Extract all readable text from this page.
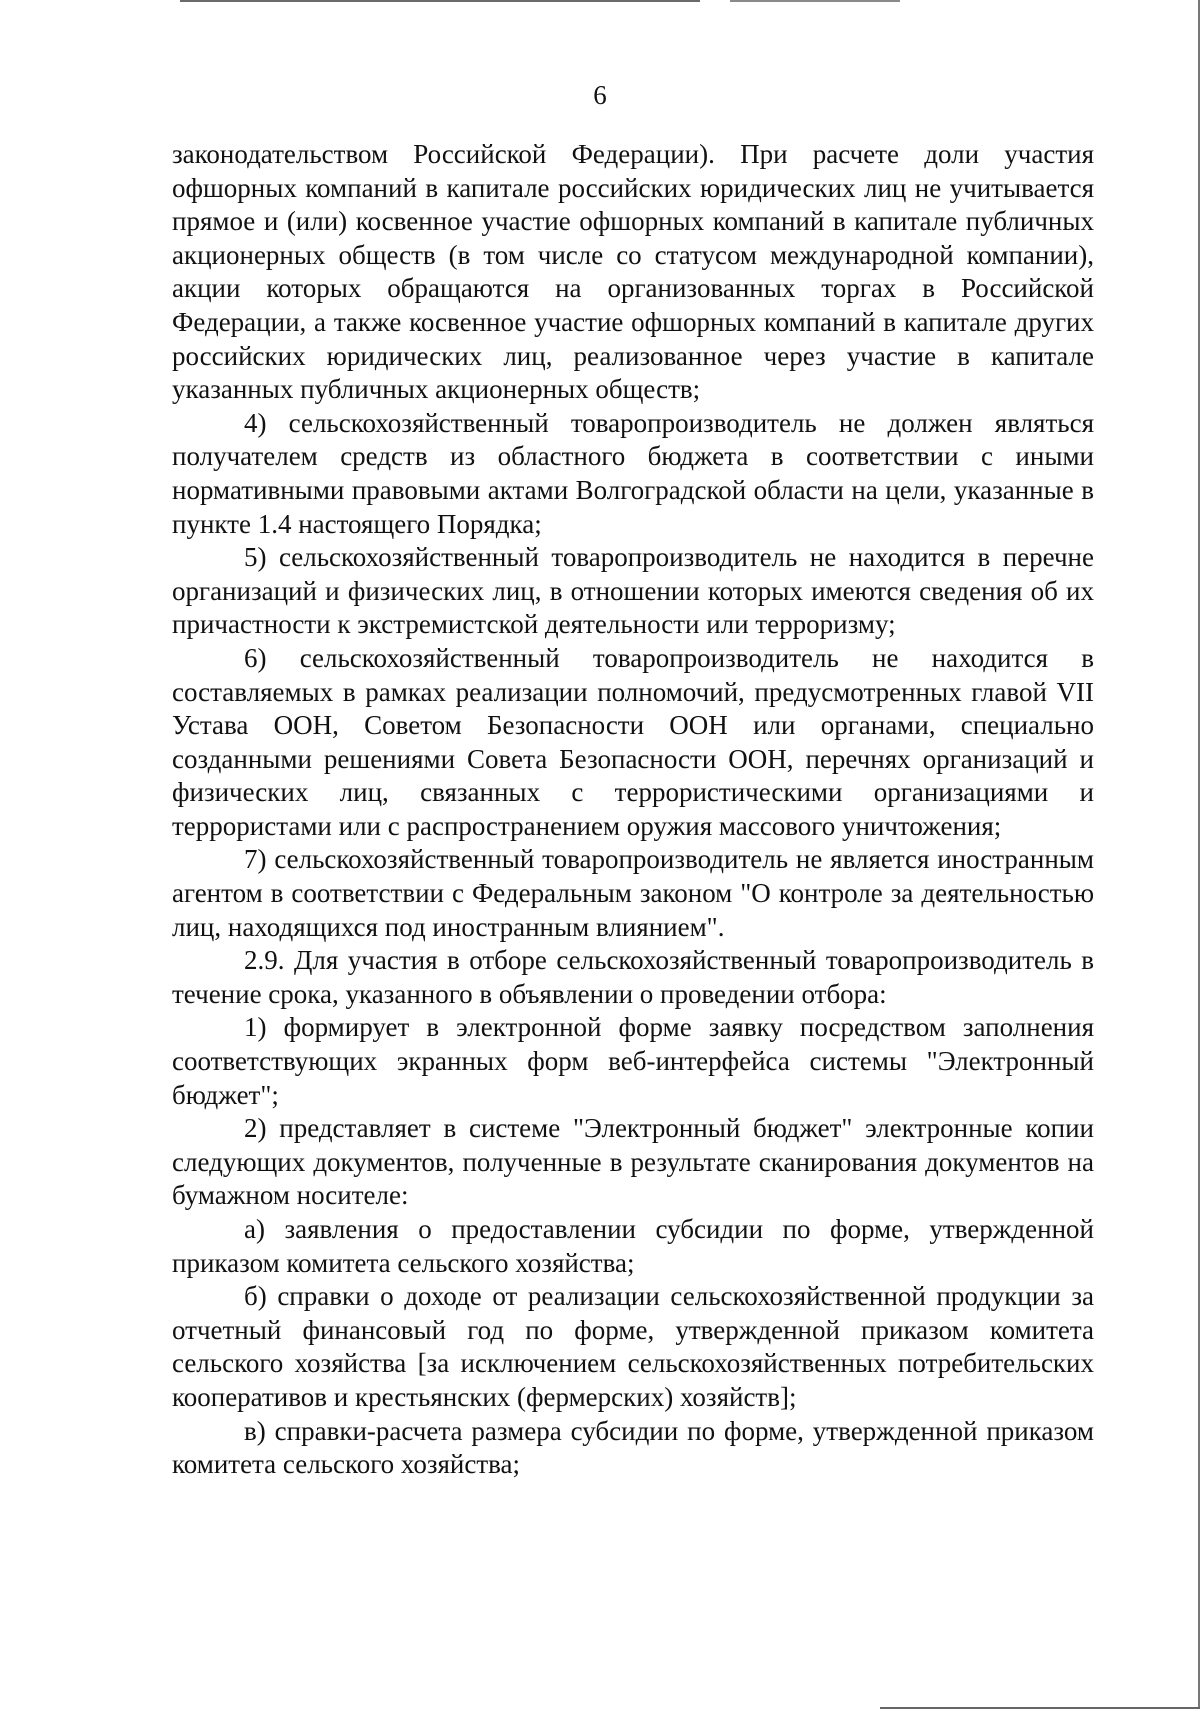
6

законодательством Российской Федерации). При расчете доли участия офшорных компаний в капитале российских юридических лиц не учитывается прямое и (или) косвенное участие офшорных компаний в капитале публичных акционерных обществ (в том числе со статусом международной компании), акции которых обращаются на организованных торгах в Российской Федерации, а также косвенное участие офшорных компаний в капитале других российских юридических лиц, реализованное через участие в капитале указанных публичных акционерных обществ;

4) сельскохозяйственный товаропроизводитель не должен являться получателем средств из областного бюджета в соответствии с иными нормативными правовыми актами Волгоградской области на цели, указанные в пункте 1.4 настоящего Порядка;

5) сельскохозяйственный товаропроизводитель не находится в перечне организаций и физических лиц, в отношении которых имеются сведения об их причастности к экстремистской деятельности или терроризму;

6) сельскохозяйственный товаропроизводитель не находится в составляемых в рамках реализации полномочий, предусмотренных главой VII Устава ООН, Советом Безопасности ООН или органами, специально созданными решениями Совета Безопасности ООН, перечнях организаций и физических лиц, связанных с террористическими организациями и террористами или с распространением оружия массового уничтожения;

7) сельскохозяйственный товаропроизводитель не является иностранным агентом в соответствии с Федеральным законом "О контроле за деятельностью лиц, находящихся под иностранным влиянием".

2.9. Для участия в отборе сельскохозяйственный товаропроизводитель в течение срока, указанного в объявлении о проведении отбора:

1) формирует в электронной форме заявку посредством заполнения соответствующих экранных форм веб-интерфейса системы "Электронный бюджет";

2) представляет в системе "Электронный бюджет" электронные копии следующих документов, полученные в результате сканирования документов на бумажном носителе:

а) заявления о предоставлении субсидии по форме, утвержденной приказом комитета сельского хозяйства;

б) справки о доходе от реализации сельскохозяйственной продукции за отчетный финансовый год по форме, утвержденной приказом комитета сельского хозяйства [за исключением сельскохозяйственных потребительских кооперативов и крестьянских (фермерских) хозяйств];

в) справки-расчета размера субсидии по форме, утвержденной приказом комитета сельского хозяйства;
